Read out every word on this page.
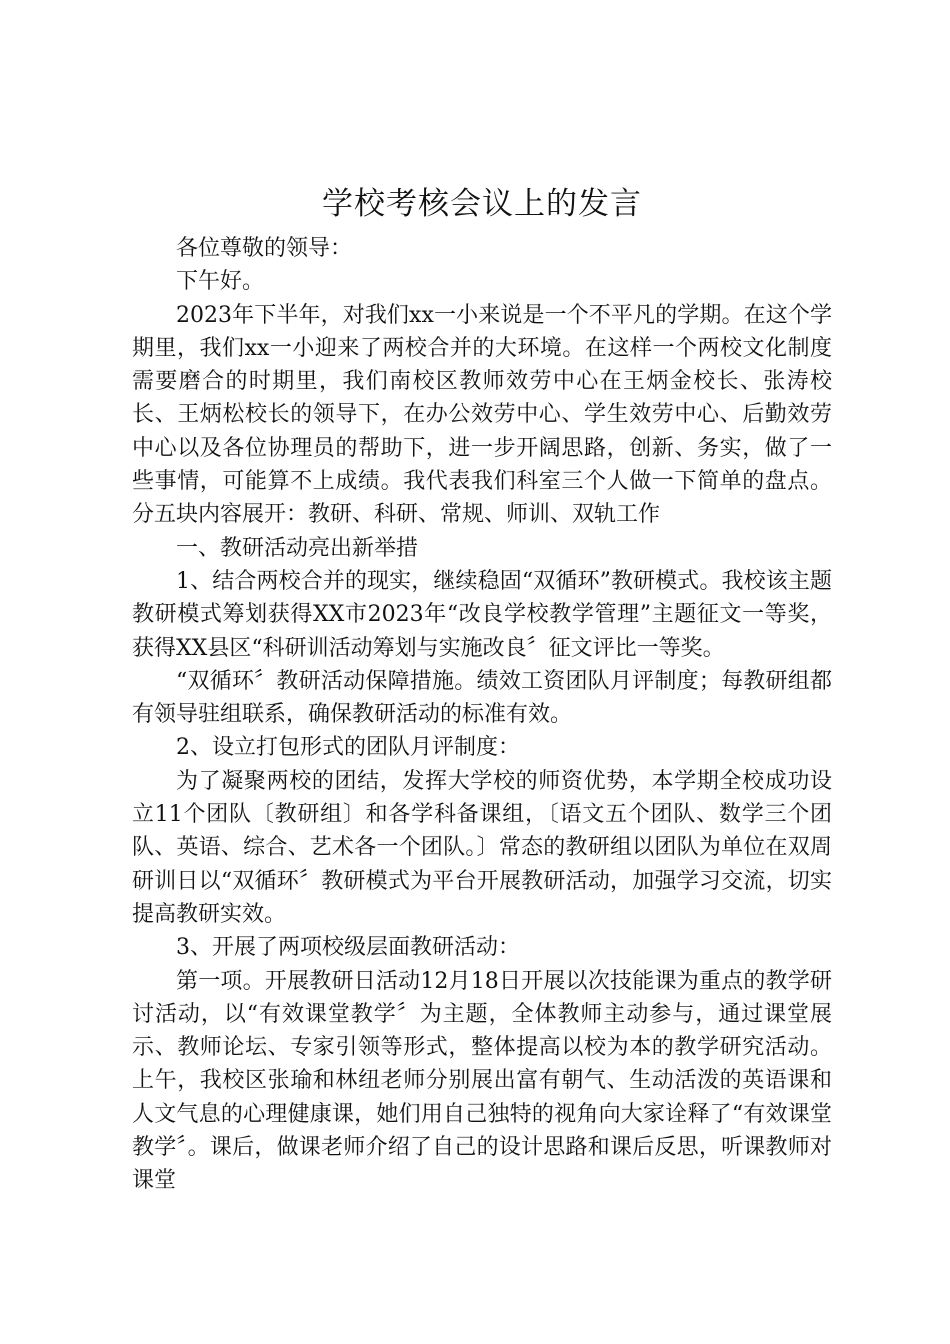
学校考核会议上的发言

各位尊敬的领导：

下午好。

2023年下半年，对我们xx一小来说是一个不平凡的学期。在这个学期里，我们xx一小迎来了两校合并的大环境。在这样一个两校文化制度需要磨合的时期里，我们南校区教师效劳中心在王炳金校长、张涛校长、王炳松校长的领导下，在办公效劳中心、学生效劳中心、后勤效劳中心以及各位协理员的帮助下，进一步开阔思路，创新、务实，做了一些事情，可能算不上成绩。我代表我们科室三个人做一下简单的盘点。分五块内容展开：教研、科研、常规、师训、双轨工作

一、教研活动亮出新举措

1、结合两校合并的现实，继续稳固“双循环”教研模式。我校该主题教研模式筹划获得XX市2023年“改良学校教学管理”主题征文一等奖，获得XX县区“科研训活动筹划与实施改良〞征文评比一等奖。

“双循环〞教研活动保障措施。绩效工资团队月评制度；每教研组都有领导驻组联系，确保教研活动的标准有效。

2、设立打包形式的团队月评制度：

为了凝聚两校的团结，发挥大学校的师资优势，本学期全校成功设立11个团队〔教研组〕和各学科备课组，〔语文五个团队、数学三个团队、英语、综合、艺术各一个团队。〕常态的教研组以团队为单位在双周研训日以“双循环〞教研模式为平台开展教研活动，加强学习交流，切实提高教研实效。

3、开展了两项校级层面教研活动：

第一项。开展教研日活动12月18日开展以次技能课为重点的教学研讨活动，以“有效课堂教学〞为主题，全体教师主动参与，通过课堂展示、教师论坛、专家引领等形式，整体提高以校为本的教学研究活动。上午，我校区张瑜和林纽老师分别展出富有朝气、生动活泼的英语课和人文气息的心理健康课，她们用自己独特的视角向大家诠释了“有效课堂教学〞。课后，做课老师介绍了自己的设计思路和课后反思，听课教师对课堂
